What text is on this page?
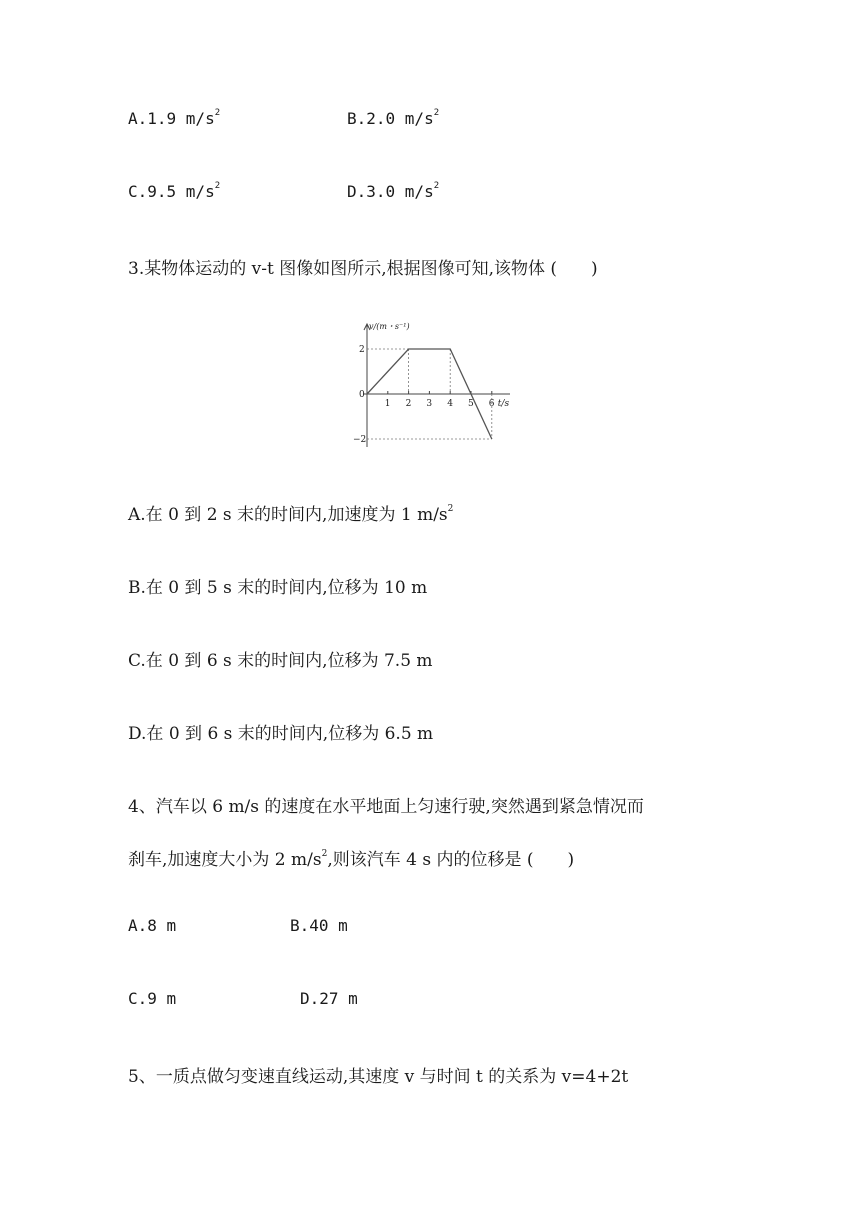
A.1.9 $m/s^2$	B.2.0 $m/s^2$
C.9.5 $m/s^2$	D.3.0 $m/s^2$
3.某物体运动的 v-t 图像如图所示,根据图像可知,该物体 (　　)
1 2 3 4 5 6
2
0
−2
v/(m・s⁻¹)
t/s
A.在 0 到 2 s 末的时间内,加速度为 1 $m/s^2$
B.在 0 到 5 s 末的时间内,位移为 10 m
C.在 0 到 6 s 末的时间内,位移为 7.5 m
D.在 0 到 6 s 末的时间内,位移为 6.5 m
4、汽车以 6 m/s 的速度在水平地面上匀速行驶,突然遇到紧急情况而
刹车,加速度大小为 2 $m/s^2$,则该汽车 4 s 内的位移是 (　　)
A.8 m	B.40 m
C.9 m	D.27 m
5、一质点做匀变速直线运动,其速度 v 与时间 t 的关系为 v=4+2t
